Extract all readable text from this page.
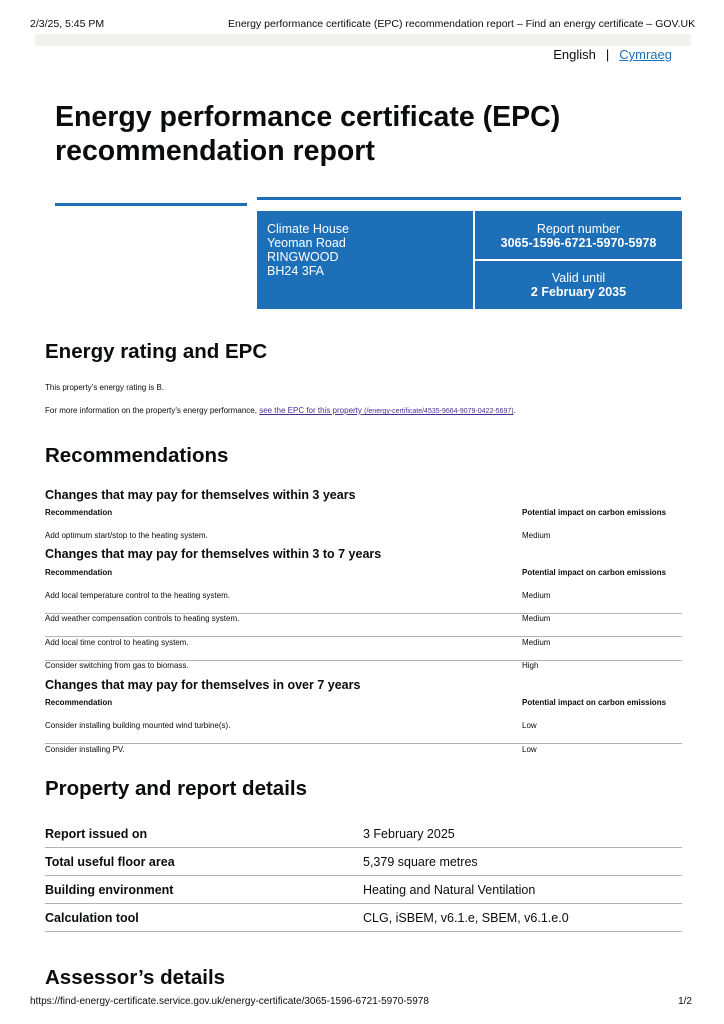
2/3/25, 5:45 PM	Energy performance certificate (EPC) recommendation report – Find an energy certificate – GOV.UK
English | Cymraeg
Energy performance certificate (EPC)
recommendation report
Climate House
Yeoman Road
RINGWOOD
BH24 3FA
Report number
3065-1596-6721-5970-5978
Valid until
2 February 2035
Energy rating and EPC

This property’s energy rating is B.

For more information on the property’s energy performance, see the EPC for this property (/energy-certificate/4535-9664-9079-0422-5697).

Recommendations
Changes that may pay for themselves within 3 years
Recommendation	Potential impact on carbon emissions
Add optimum start/stop to the heating system.	Medium
Changes that may pay for themselves within 3 to 7 years
Recommendation	Potential impact on carbon emissions
Add local temperature control to the heating system.	Medium
Add weather compensation controls to heating system.	Medium
Add local time control to heating system.	Medium
Consider switching from gas to biomass.	High
Changes that may pay for themselves in over 7 years
Recommendation	Potential impact on carbon emissions
Consider installing building mounted wind turbine(s).	Low
Consider installing PV.	Low
Property and report details
Report issued on	3 February 2025
Total useful floor area	5,379 square metres
Building environment	Heating and Natural Ventilation
Calculation tool	CLG, iSBEM, v6.1.e, SBEM, v6.1.e.0
Assessor’s details
https://find-energy-certificate.service.gov.uk/energy-certificate/3065-1596-6721-5970-5978	1/2
